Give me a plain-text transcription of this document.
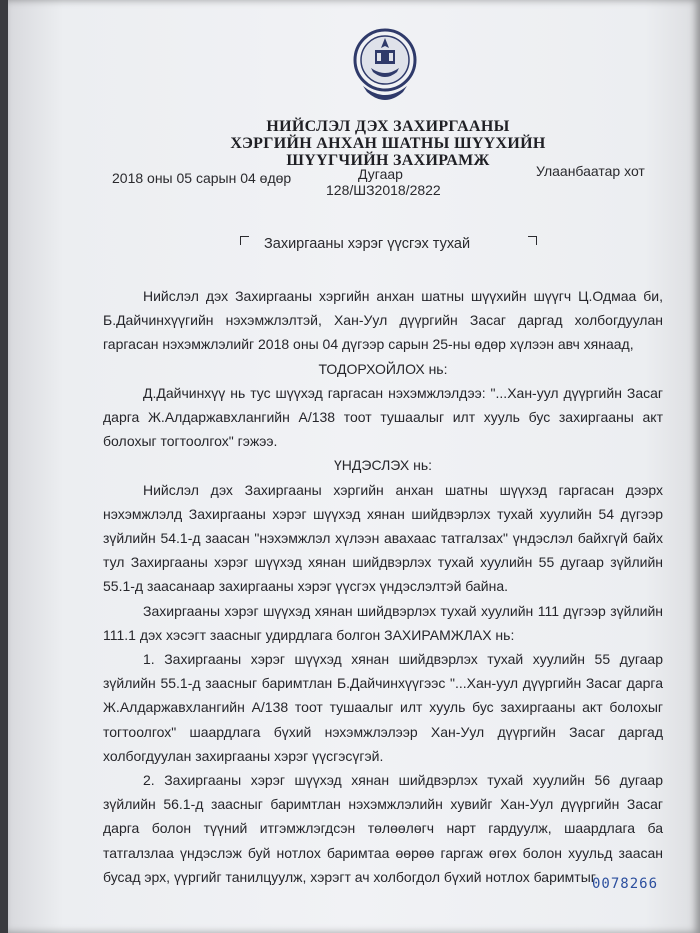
НИЙСЛЭЛ ДЭХ ЗАХИРГААНЫ
ХЭРГИЙН АНХАН ШАТНЫ ШҮҮХИЙН
ШҮҮГЧИЙН ЗАХИРАМЖ
2018 оны 05 сарын 04 өдөр	Дугаар
128/ШЗ2018/2822
Улаанбаатар хот
Захиргааны хэрэг үүсгэх тухай

Нийслэл дэх Захиргааны хэргийн анхан шатны шүүхийн шүүгч Ц.Одмаа би, Б.Дайчинхүүгийн нэхэмжлэлтэй, Хан-Уул дүүргийн Засаг даргад холбогдуулан гаргасан нэхэмжлэлийг 2018 оны 04 дүгээр сарын 25-ны өдөр хүлээн авч хянаад,

ТОДОРХОЙЛОХ нь:

Д.Дайчинхүү нь тус шүүхэд гаргасан нэхэмжлэлдээ: "...Хан-уул дүүргийн Засаг дарга Ж.Алдаржавхлангийн А/138 тоот тушаалыг илт хууль бус захиргааны акт болохыг тогтоолгох" гэжээ.

ҮНДЭСЛЭХ нь:

Нийслэл дэх Захиргааны хэргийн анхан шатны шүүхэд гаргасан дээрх нэхэмжлэлд Захиргааны хэрэг шүүхэд хянан шийдвэрлэх тухай хуулийн 54 дүгээр зүйлийн 54.1-д заасан "нэхэмжлэл хүлээн авахаас татгалзах" үндэслэл байхгүй байх тул Захиргааны хэрэг шүүхэд хянан шийдвэрлэх тухай хуулийн 55 дугаар зүйлийн 55.1-д заасанаар захиргааны хэрэг үүсгэх үндэслэлтэй байна.

Захиргааны хэрэг шүүхэд хянан шийдвэрлэх тухай хуулийн 111 дүгээр зүйлийн 111.1 дэх хэсэгт заасныг удирдлага болгон ЗАХИРАМЖЛАХ нь:

1. Захиргааны хэрэг шүүхэд хянан шийдвэрлэх тухай хуулийн 55 дугаар зүйлийн 55.1-д заасныг баримтлан Б.Дайчинхүүгээс "...Хан-уул дүүргийн Засаг дарга Ж.Алдаржавхлангийн А/138 тоот тушаалыг илт хууль бус захиргааны акт болохыг тогтоолгох" шаардлага бүхий нэхэмжлэлээр Хан-Уул дүүргийн Засаг даргад холбогдуулан захиргааны хэрэг үүсгэсүгэй.

2. Захиргааны хэрэг шүүхэд хянан шийдвэрлэх тухай хуулийн 56 дугаар зүйлийн 56.1-д заасныг баримтлан нэхэмжлэлийн хувийг Хан-Уул дүүргийн Засаг дарга болон түүний итгэмжлэгдсэн төлөөлөгч нарт гардуулж, шаардлага ба татгалзлаа үндэслэж буй нотлох баримтаа өөрөө гаргаж өгөх болон хуульд заасан бусад эрх, үүргийг танилцуулж, хэрэгт ач холбогдол бүхий нотлох баримтыг

0078266
